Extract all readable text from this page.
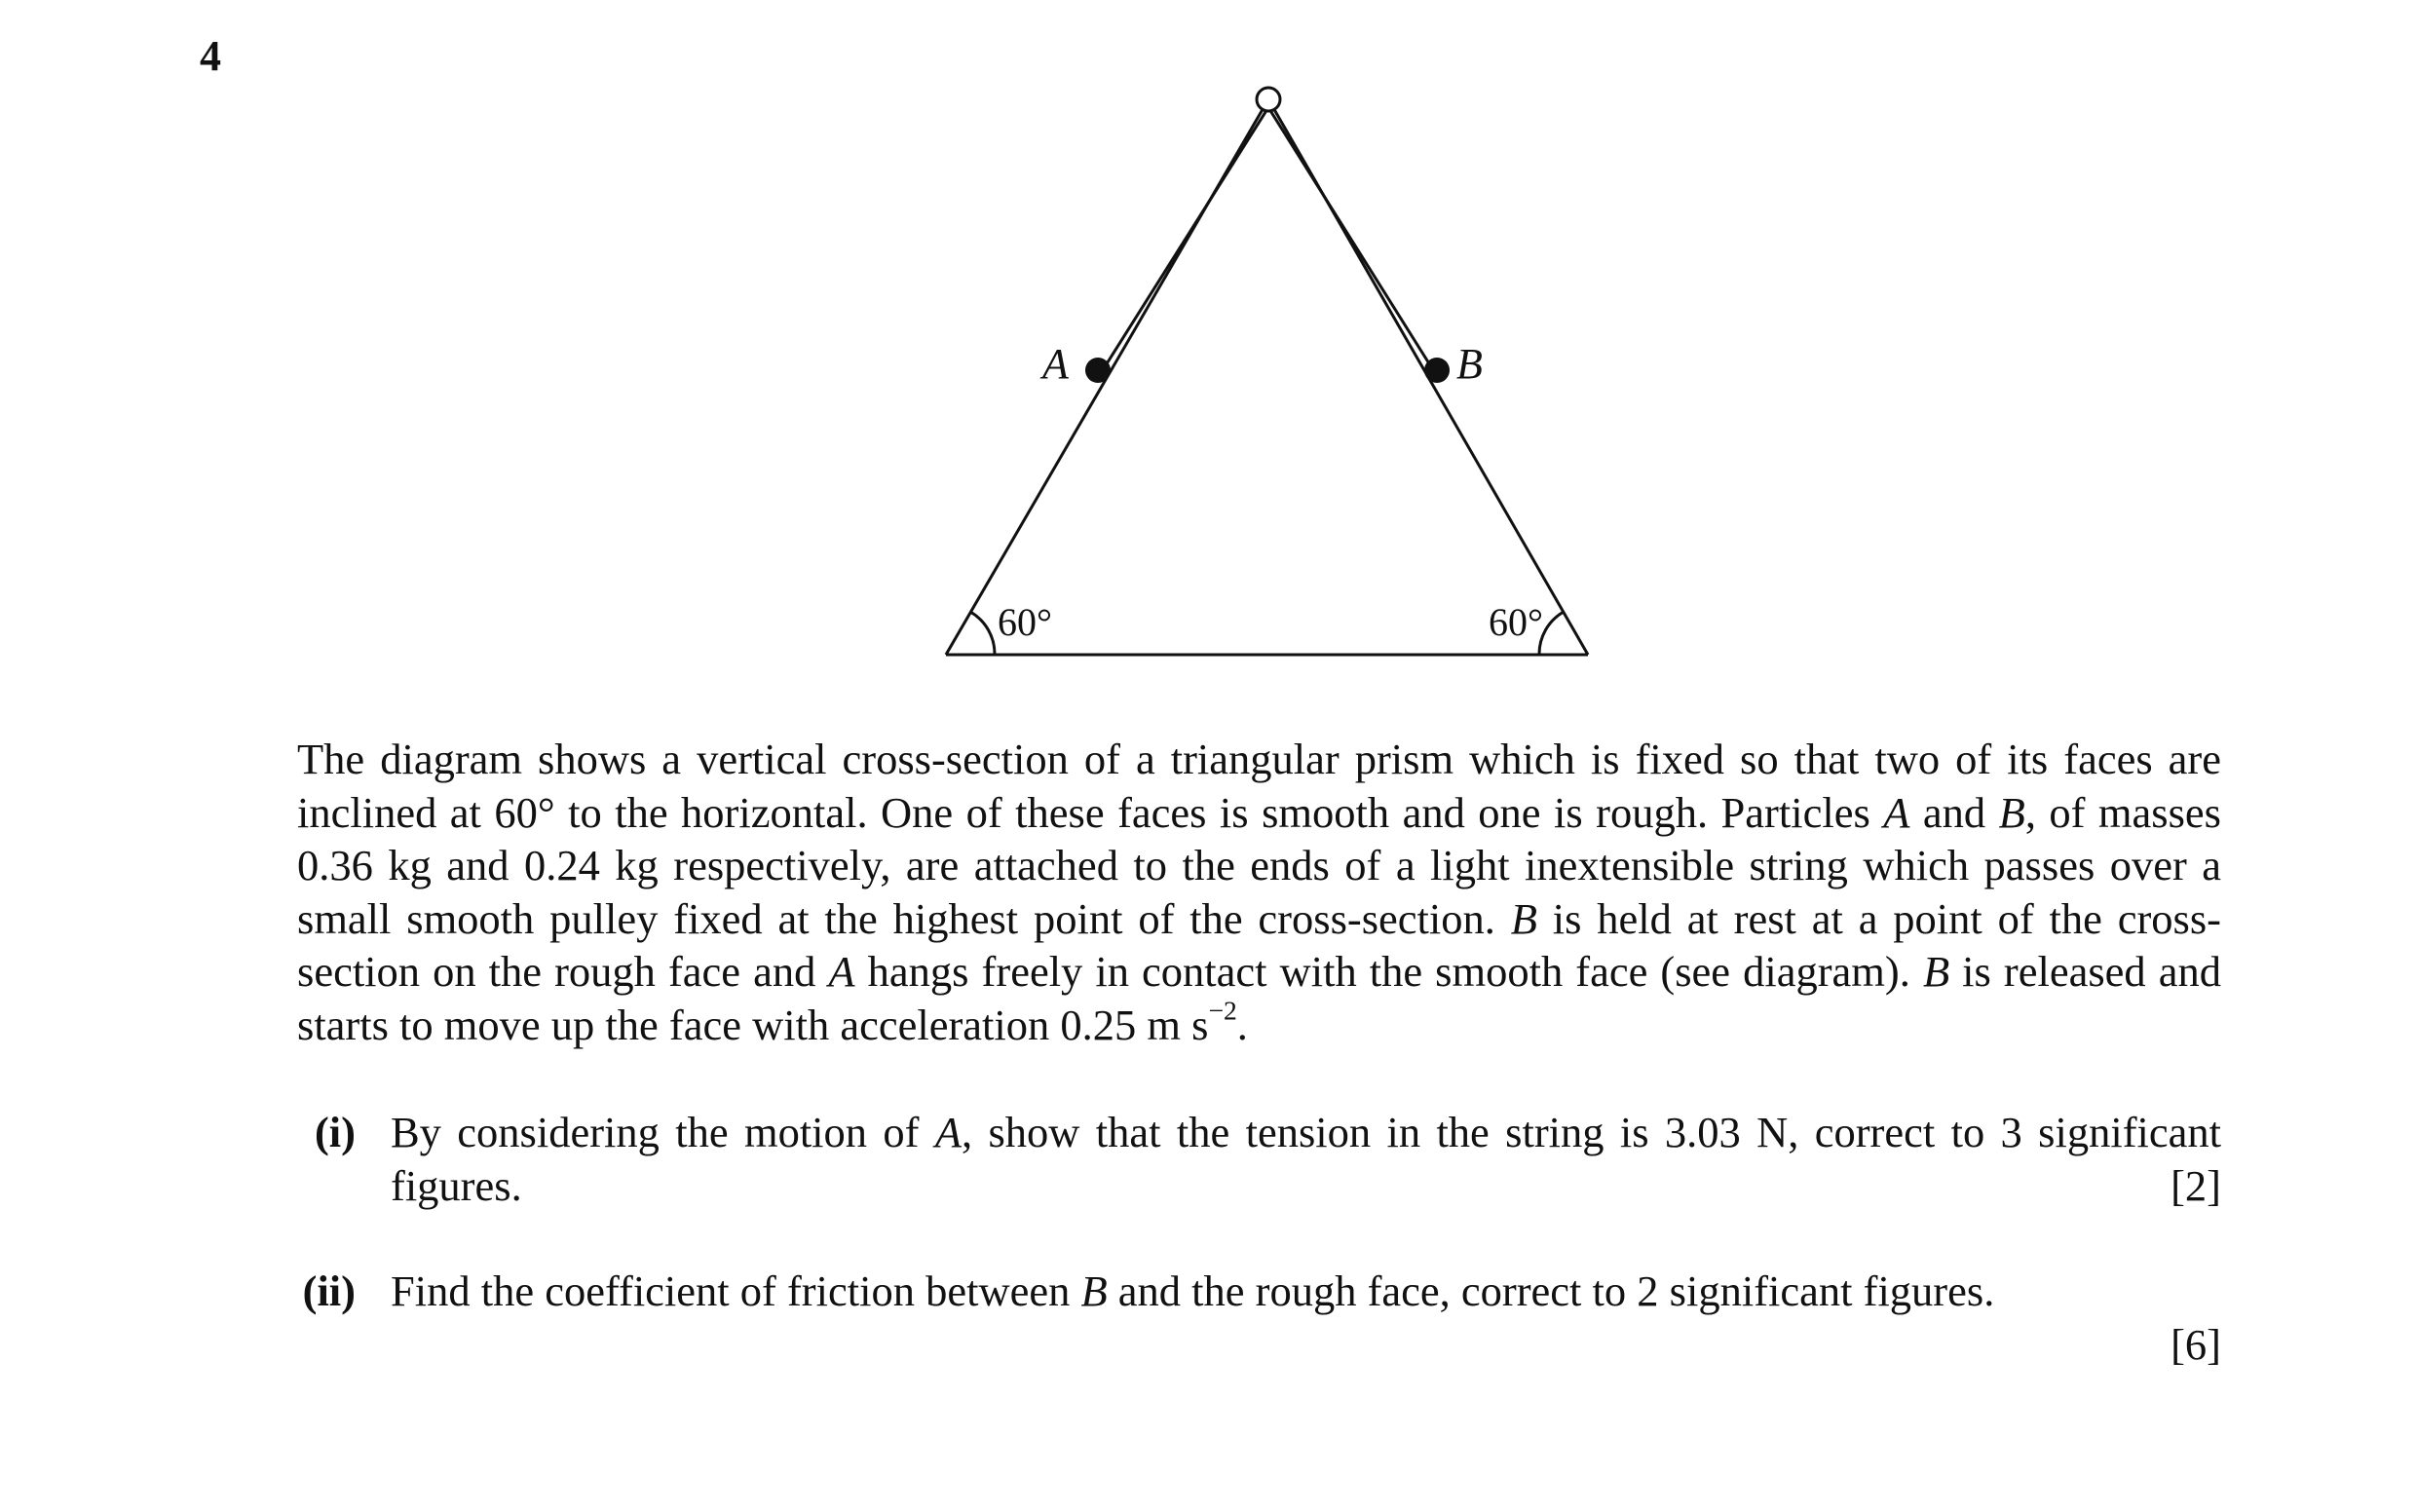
4
A	B
60°	60°

The diagram shows a vertical cross-section of a triangular prism which is fixed so that two of its faces are inclined at 60° to the horizontal. One of these faces is smooth and one is rough. Particles A and B, of masses 0.36 kg and 0.24 kg respectively, are attached to the ends of a light inextensible string which passes over a small smooth pulley fixed at the highest point of the cross-section. B is held at rest at a point of the cross-section on the rough face and A hangs freely in contact with the smooth face (see diagram). B is released and starts to move up the face with acceleration 0.25 m $s^{-2}$.

(i) By considering the motion of A, show that the tension in the string is 3.03 N, correct to 3 significant figures.	[2]
(ii) Find the coefficient of friction between B and the rough face, correct to 2 significant figures.
[6]
